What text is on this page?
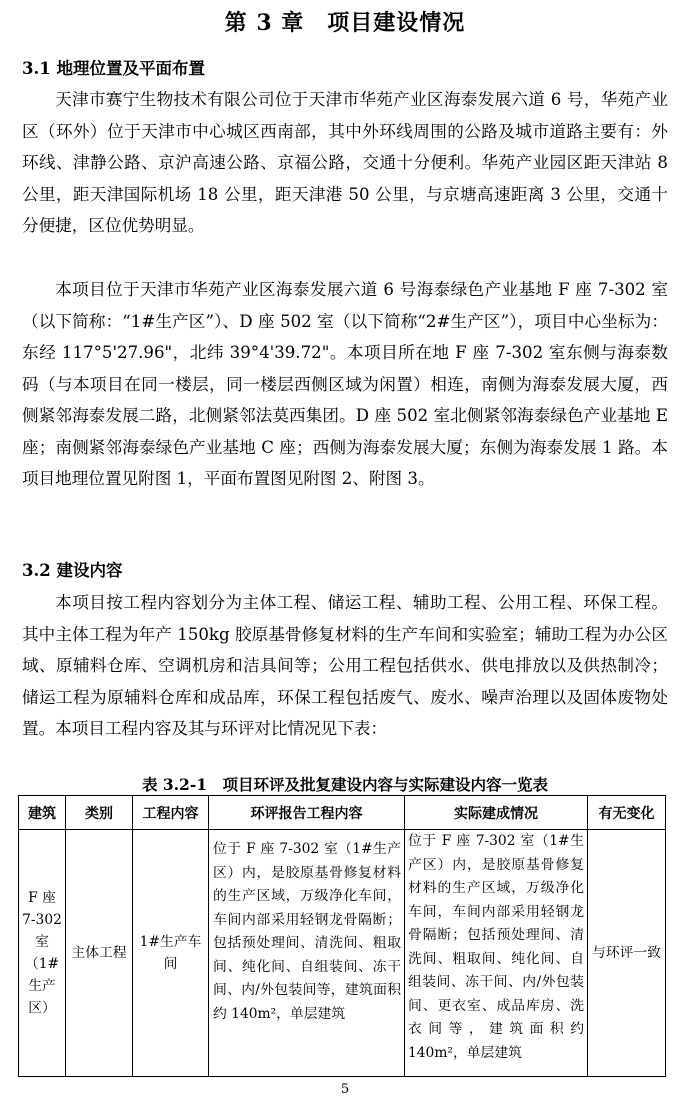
第 3 章　项目建设情况
3.1 地理位置及平面布置

天津市赛宁生物技术有限公司位于天津市华苑产业区海泰发展六道 6 号，华苑产业区（环外）位于天津市中心城区西南部，其中外环线周围的公路及城市道路主要有：外环线、津静公路、京沪高速公路、京福公路，交通十分便利。华苑产业园区距天津站 8 公里，距天津国际机场 18 公里，距天津港 50 公里，与京塘高速距离 3 公里，交通十分便捷，区位优势明显。

本项目位于天津市华苑产业区海泰发展六道 6 号海泰绿色产业基地 F 座 7-302 室（以下简称：“1#生产区”）、D 座 502 室（以下简称“2#生产区”），项目中心坐标为：东经 117°5'27.96"，北纬 39°4'39.72"。本项目所在地 F 座 7-302 室东侧与海泰数码（与本项目在同一楼层，同一楼层西侧区域为闲置）相连，南侧为海泰发展大厦，西侧紧邻海泰发展二路，北侧紧邻法莫西集团。D 座 502 室北侧紧邻海泰绿色产业基地 E 座；南侧紧邻海泰绿色产业基地 C 座；西侧为海泰发展大厦；东侧为海泰发展 1 路。本项目地理位置见附图 1，平面布置图见附图 2、附图 3。

3.2 建设内容

本项目按工程内容划分为主体工程、储运工程、辅助工程、公用工程、环保工程。其中主体工程为年产 150kg 胶原基骨修复材料的生产车间和实验室；辅助工程为办公区域、原辅料仓库、空调机房和洁具间等；公用工程包括供水、供电排放以及供热制冷；储运工程为原辅料仓库和成品库，环保工程包括废气、废水、噪声治理以及固体废物处置。本项目工程内容及其与环评对比情况见下表：

表 3.2-1　项目环评及批复建设内容与实际建设内容一览表
建筑	类别	工程内容	环评报告工程内容	实际建成情况	有无变化
F 座 7-302 室（1#生产区）	主体工程	1#生产车间	位于 F 座 7-302 室（1#生产区）内，是胶原基骨修复材料的生产区域，万级净化车间，车间内部采用轻钢龙骨隔断；包括预处理间、清洗间、粗取间、纯化间、自组装间、冻干间、内/外包装间等，建筑面积约 140m²，单层建筑	位于 F 座 7-302 室（1#生产区）内，是胶原基骨修复材料的生产区域，万级净化车间，车间内部采用轻钢龙骨隔断；包括预处理间、清洗间、粗取间、纯化间、自组装间、冻干间、内/外包装间、更衣室、成品库房、洗衣间等，建筑面积约 140m²，单层建筑	与环评一致
5
